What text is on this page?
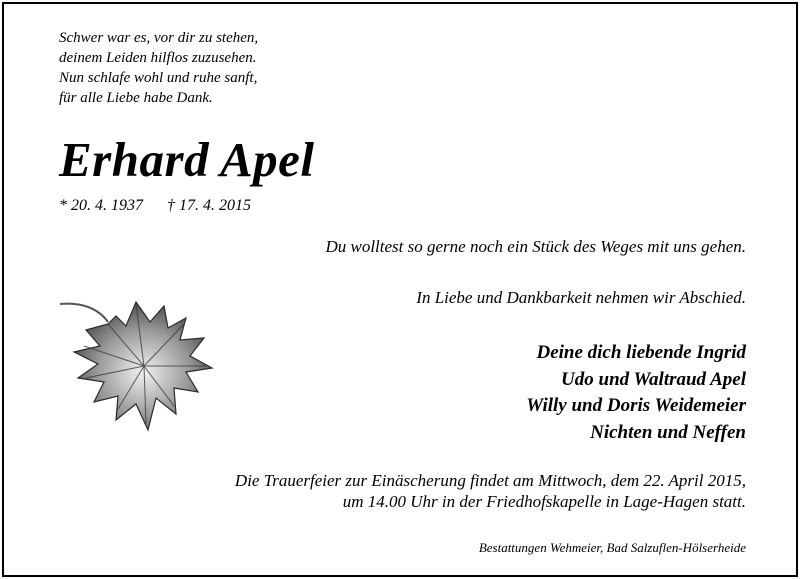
Schwer war es, vor dir zu stehen,
deinem Leiden hilflos zuzusehen.
Nun schlafe wohl und ruhe sanft,
für alle Liebe habe Dank.
Erhard Apel
* 20. 4. 1937 † 17. 4. 2015
Du wolltest so gerne noch ein Stück des Weges mit uns gehen.
In Liebe und Dankbarkeit nehmen wir Abschied.
Deine dich liebende Ingrid
Udo und Waltraud Apel
Willy und Doris Weidemeier
Nichten und Neffen
Die Trauerfeier zur Einäscherung findet am Mittwoch, dem 22. April 2015,
um 14.00 Uhr in der Friedhofskapelle in Lage-Hagen statt.
Bestattungen Wehmeier, Bad Salzuflen-Hölserheide
